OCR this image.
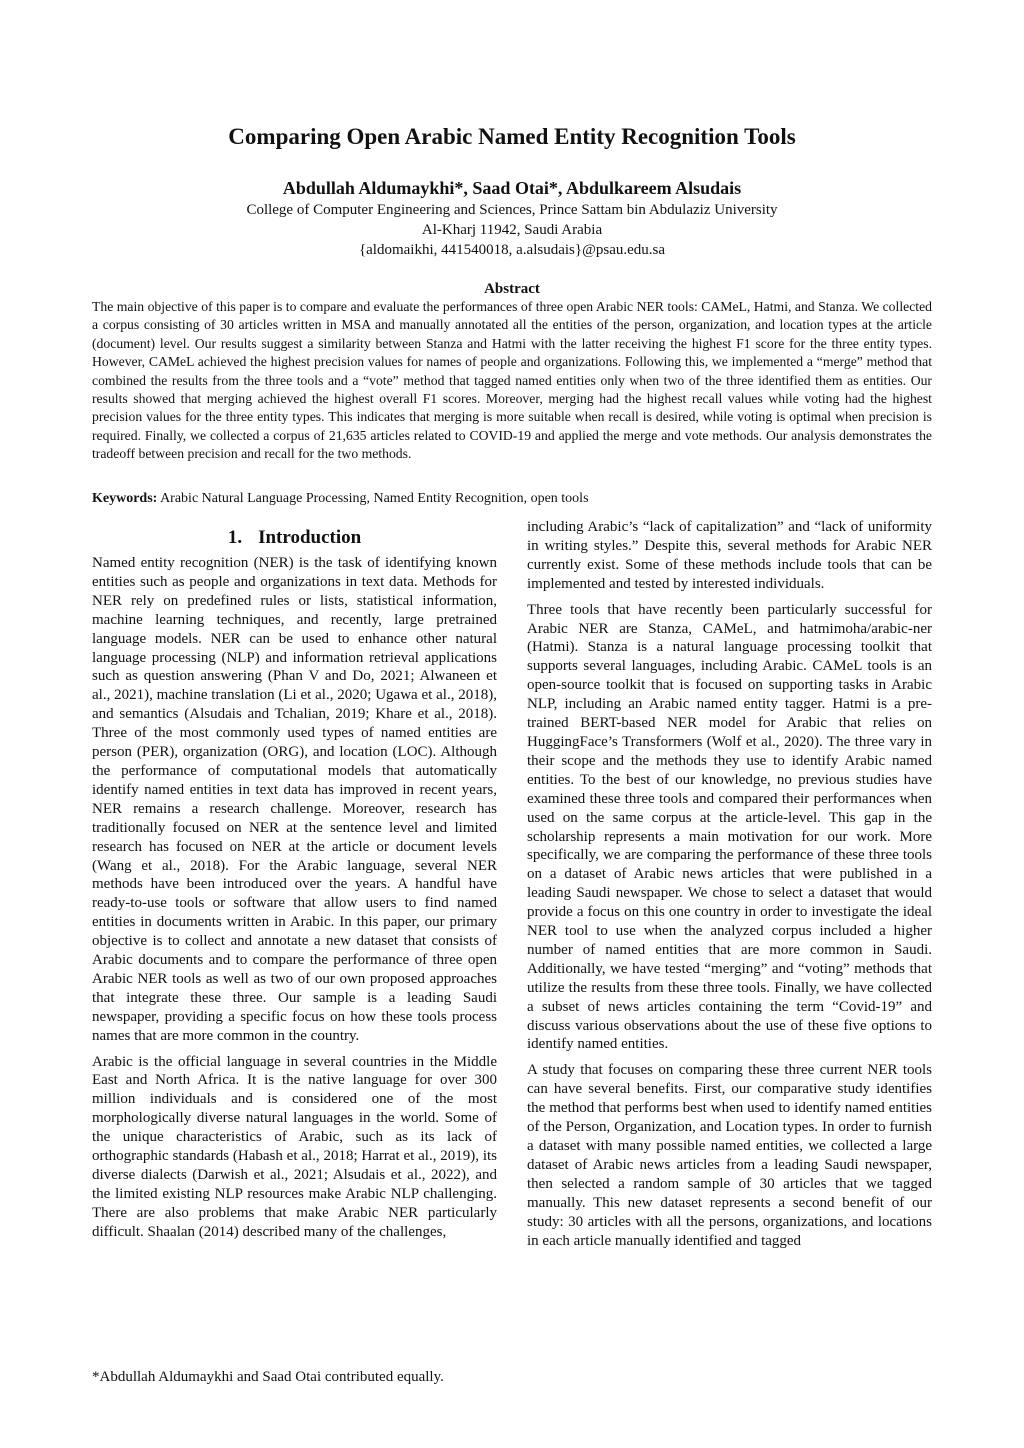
Comparing Open Arabic Named Entity Recognition Tools
Abdullah Aldumaykhi*, Saad Otai*, Abdulkareem Alsudais
College of Computer Engineering and Sciences, Prince Sattam bin Abdulaziz University
Al-Kharj 11942, Saudi Arabia
{aldomaikhi, 441540018, a.alsudais}@psau.edu.sa
Abstract

The main objective of this paper is to compare and evaluate the performances of three open Arabic NER tools: CAMeL, Hatmi, and Stanza. We collected a corpus consisting of 30 articles written in MSA and manually annotated all the entities of the person, organization, and location types at the article (document) level. Our results suggest a similarity between Stanza and Hatmi with the latter receiving the highest F1 score for the three entity types. However, CAMeL achieved the highest precision values for names of people and organizations. Following this, we implemented a “merge” method that combined the results from the three tools and a “vote” method that tagged named entities only when two of the three identified them as entities. Our results showed that merging achieved the highest overall F1 scores. Moreover, merging had the highest recall values while voting had the highest precision values for the three entity types. This indicates that merging is more suitable when recall is desired, while voting is optimal when precision is required. Finally, we collected a corpus of 21,635 articles related to COVID-19 and applied the merge and vote methods. Our analysis demonstrates the tradeoff between precision and recall for the two methods.

Keywords: Arabic Natural Language Processing, Named Entity Recognition, open tools
1. Introduction

Named entity recognition (NER) is the task of identifying known entities such as people and organizations in text data. Methods for NER rely on predefined rules or lists, statistical information, machine learning techniques, and recently, large pretrained language models. NER can be used to enhance other natural language processing (NLP) and information retrieval applications such as question answering (Phan V and Do, 2021; Alwaneen et al., 2021), machine translation (Li et al., 2020; Ugawa et al., 2018), and semantics (Alsudais and Tchalian, 2019; Khare et al., 2018). Three of the most commonly used types of named entities are person (PER), organization (ORG), and location (LOC). Although the performance of computational models that automatically identify named entities in text data has improved in recent years, NER remains a research challenge. Moreover, research has traditionally focused on NER at the sentence level and limited research has focused on NER at the article or document levels (Wang et al., 2018). For the Arabic language, several NER methods have been introduced over the years. A handful have ready-to-use tools or software that allow users to find named entities in documents written in Arabic. In this paper, our primary objective is to collect and annotate a new dataset that consists of Arabic documents and to compare the performance of three open Arabic NER tools as well as two of our own proposed approaches that integrate these three. Our sample is a leading Saudi newspaper, providing a specific focus on how these tools process names that are more common in the country.

Arabic is the official language in several countries in the Middle East and North Africa. It is the native language for over 300 million individuals and is considered one of the most morphologically diverse natural languages in the world. Some of the unique characteristics of Arabic, such as its lack of orthographic standards (Habash et al., 2018; Harrat et al., 2019), its diverse dialects (Darwish et al., 2021; Alsudais et al., 2022), and the limited existing NLP resources make Arabic NLP challenging. There are also problems that make Arabic NER particularly difficult. Shaalan (2014) described many of the challenges,

including Arabic’s “lack of capitalization” and “lack of uniformity in writing styles.” Despite this, several methods for Arabic NER currently exist. Some of these methods include tools that can be implemented and tested by interested individuals.

Three tools that have recently been particularly successful for Arabic NER are Stanza, CAMeL, and hatmimoha/arabic-ner (Hatmi). Stanza is a natural language processing toolkit that supports several languages, including Arabic. CAMeL tools is an open-source toolkit that is focused on supporting tasks in Arabic NLP, including an Arabic named entity tagger. Hatmi is a pre-trained BERT-based NER model for Arabic that relies on HuggingFace’s Transformers (Wolf et al., 2020). The three vary in their scope and the methods they use to identify Arabic named entities. To the best of our knowledge, no previous studies have examined these three tools and compared their performances when used on the same corpus at the article-level. This gap in the scholarship represents a main motivation for our work. More specifically, we are comparing the performance of these three tools on a dataset of Arabic news articles that were published in a leading Saudi newspaper. We chose to select a dataset that would provide a focus on this one country in order to investigate the ideal NER tool to use when the analyzed corpus included a higher number of named entities that are more common in Saudi. Additionally, we have tested “merging” and “voting” methods that utilize the results from these three tools. Finally, we have collected a subset of news articles containing the term “Covid-19” and discuss various observations about the use of these five options to identify named entities.

A study that focuses on comparing these three current NER tools can have several benefits. First, our comparative study identifies the method that performs best when used to identify named entities of the Person, Organization, and Location types. In order to furnish a dataset with many possible named entities, we collected a large dataset of Arabic news articles from a leading Saudi newspaper, then selected a random sample of 30 articles that we tagged manually. This new dataset represents a second benefit of our study: 30 articles with all the persons, organizations, and locations in each article manually identified and tagged

*Abdullah Aldumaykhi and Saad Otai contributed equally.
